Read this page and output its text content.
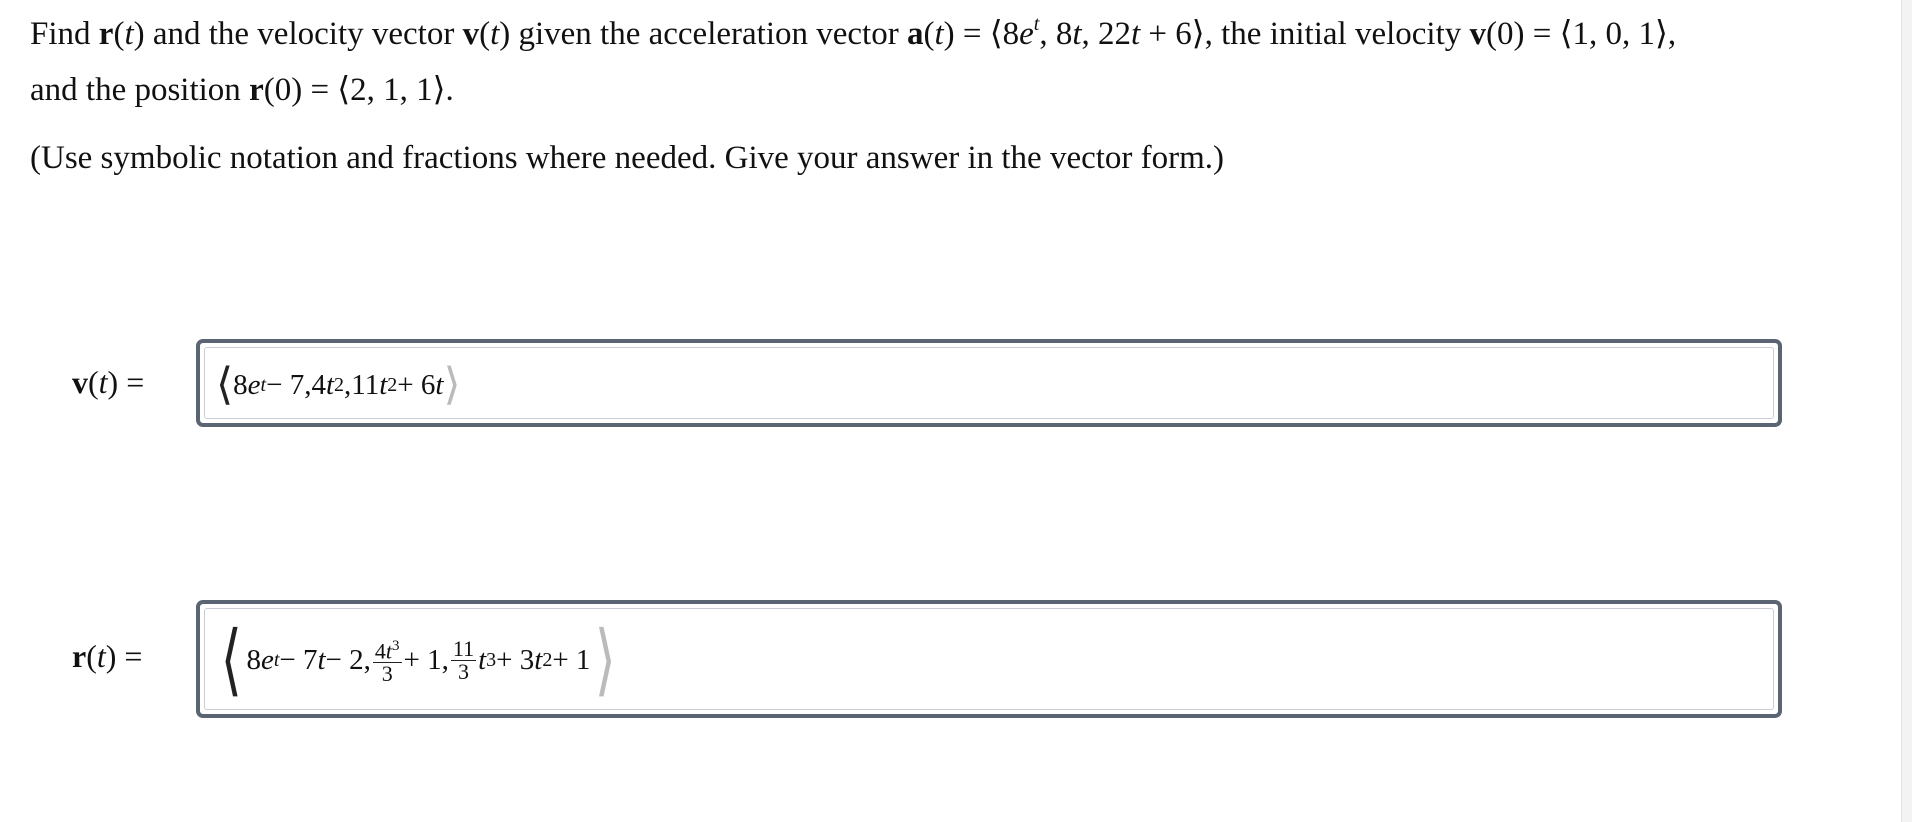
Find r(t) and the velocity vector v(t) given the acceleration vector $a(t) = ⟨8e^t$, 8t, 22t + 6⟩, the initial velocity v(0) = ⟨1, 0, 1⟩,
and the position r(0) = ⟨2, 1, 1⟩.
(Use symbolic notation and fractions where needed. Give your answer in the vector form.)
v(t) = ⟨ 8 e t − 7,4 t 2 ,11 t 2 + 6 t ⟩
r(t) = ⟨ 8 e t − 7 t − 2, $\frac{4t^3}{3} + 1$, $\frac{11}{3}$ t 3 + 3 t 2 + 1 ⟩
